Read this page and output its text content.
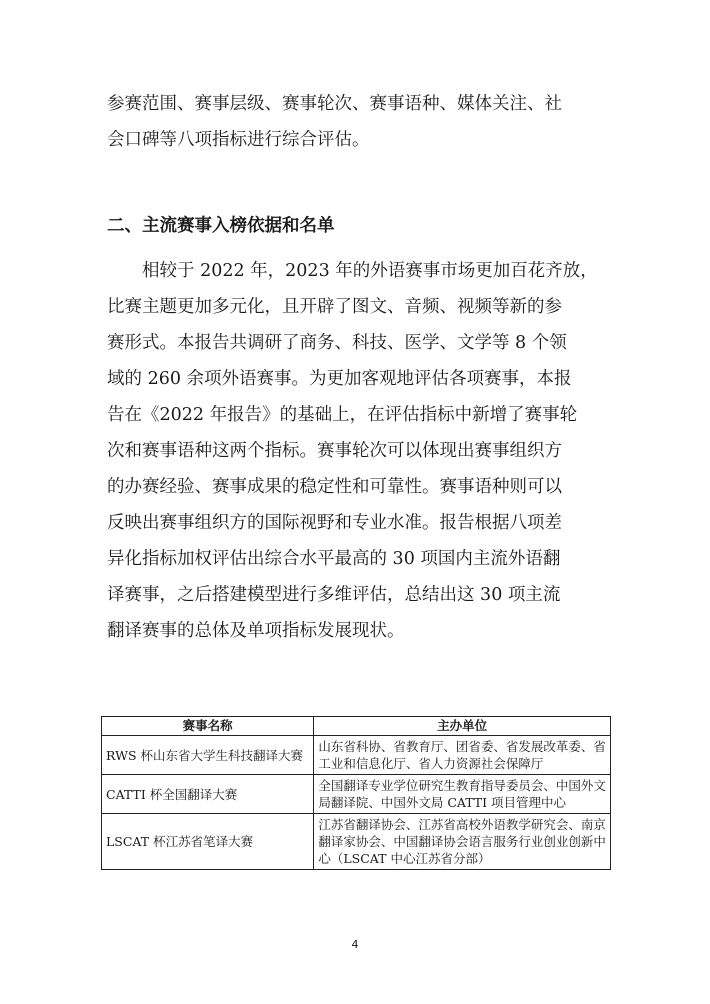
参赛范围、赛事层级、赛事轮次、赛事语种、媒体关注、社
会口碑等八项指标进行综合评估。
二、主流赛事入榜依据和名单
相较于 2022 年，2023 年的外语赛事市场更加百花齐放，
比赛主题更加多元化，且开辟了图文、音频、视频等新的参
赛形式。本报告共调研了商务、科技、医学、文学等 8 个领
域的 260 余项外语赛事。为更加客观地评估各项赛事，本报
告在《2022 年报告》的基础上，在评估指标中新增了赛事轮
次和赛事语种这两个指标。赛事轮次可以体现出赛事组织方
的办赛经验、赛事成果的稳定性和可靠性。赛事语种则可以
反映出赛事组织方的国际视野和专业水准。报告根据八项差
异化指标加权评估出综合水平最高的 30 项国内主流外语翻
译赛事，之后搭建模型进行多维评估，总结出这 30 项主流
翻译赛事的总体及单项指标发展现状。
赛事名称	主办单位
RWS 杯山东省大学生科技翻译大赛	山东省科协、省教育厅、团省委、省发展改革委、省工业和信息化厅、省人力资源社会保障厅
CATTI 杯全国翻译大赛	全国翻译专业学位研究生教育指导委员会、中国外文局翻译院、中国外文局 CATTI 项目管理中心
LSCAT 杯江苏省笔译大赛	江苏省翻译协会、江苏省高校外语教学研究会、南京翻译家协会、中国翻译协会语言服务行业创业创新中心（LSCAT 中心江苏省分部）
4
